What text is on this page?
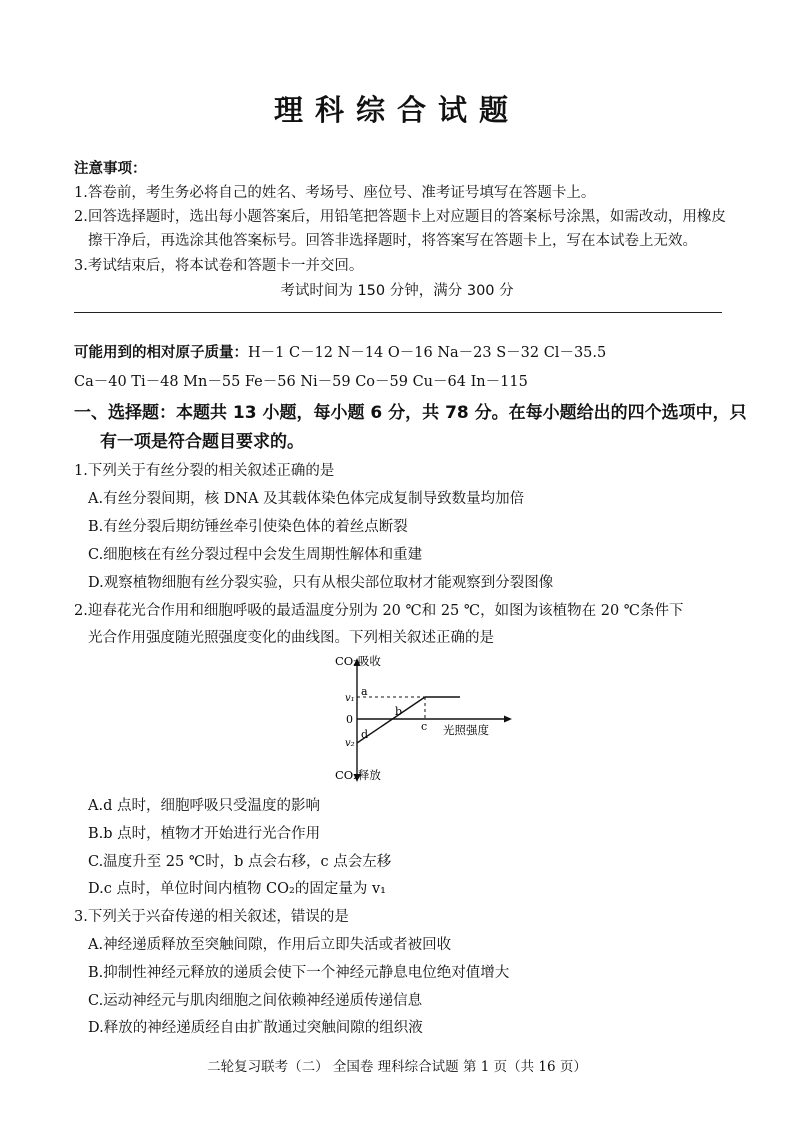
理科综合试题
注意事项：
1.答卷前，考生务必将自己的姓名、考场号、座位号、准考证号填写在答题卡上。
2.回答选择题时，选出每小题答案后，用铅笔把答题卡上对应题目的答案标号涂黑，如需改动，用橡皮
擦干净后，再选涂其他答案标号。回答非选择题时，将答案写在答题卡上，写在本试卷上无效。
3.考试结束后，将本试卷和答题卡一并交回。
考试时间为 150 分钟，满分 300 分
可能用到的相对原子质量：H－1 C－12 N－14 O－16 Na－23 S－32 Cl－35.5
Ca－40 Ti－48 Mn－55 Fe－56 Ni－59 Co－59 Cu－64 In－115
一、选择题：本题共 13 小题，每小题 6 分，共 78 分。在每小题给出的四个选项中，只
有一项是符合题目要求的。
1.下列关于有丝分裂的相关叙述正确的是
A.有丝分裂间期，核 DNA 及其载体染色体完成复制导致数量均加倍
B.有丝分裂后期纺锤丝牵引使染色体的着丝点断裂
C.细胞核在有丝分裂过程中会发生周期性解体和重建
D.观察植物细胞有丝分裂实验，只有从根尖部位取材才能观察到分裂图像
2.迎春花光合作用和细胞呼吸的最适温度分别为 20 ℃和 25 ℃，如图为该植物在 20 ℃条件下
光合作用强度随光照强度变化的曲线图。下列相关叙述正确的是
CO₂吸收
CO₂释放
光照强度
v₁
0
v₂
a
b
c
d
A.d 点时，细胞呼吸只受温度的影响
B.b 点时，植物才开始进行光合作用
C.温度升至 25 ℃时，b 点会右移，c 点会左移
D.c 点时，单位时间内植物 CO₂的固定量为 v₁
3.下列关于兴奋传递的相关叙述，错误的是
A.神经递质释放至突触间隙，作用后立即失活或者被回收
B.抑制性神经元释放的递质会使下一个神经元静息电位绝对值增大
C.运动神经元与肌肉细胞之间依赖神经递质传递信息
D.释放的神经递质经自由扩散通过突触间隙的组织液
二轮复习联考（二） 全国卷 理科综合试题 第 1 页（共 16 页）
